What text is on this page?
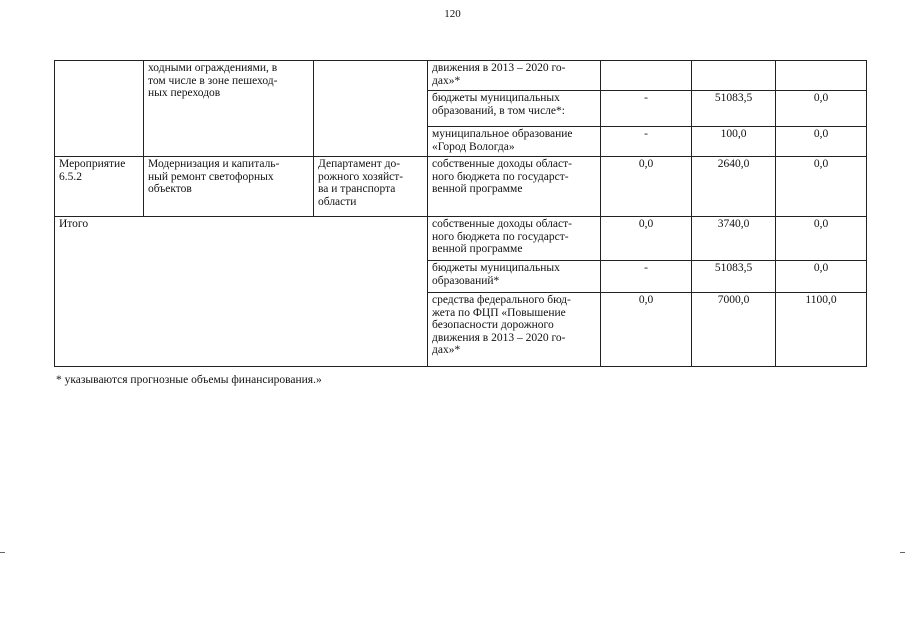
120
	ходными ограждениями, в
том числе в зоне пешеход-
ных переходов		движения в 2013 – 2020 го-
дах»*			
			бюджеты муниципальных
образований, в том числе*:	-	51083,5	0,0
			муниципальное образование
«Город Вологда»	-	100,0	0,0
Мероприятие
6.5.2	Модернизация и капиталь-
ный ремонт светофорных
объектов	Департамент до-
рожного хозяйст-
ва и транспорта
области	собственные доходы област-
ного бюджета по государст-
венной программе	0,0	2640,0	0,0
Итого			собственные доходы област-
ного бюджета по государст-
венной программе	0,0	3740,0	0,0
			бюджеты муниципальных
образований*	-	51083,5	0,0
			средства федерального бюд-
жета по ФЦП «Повышение
безопасности дорожного
движения в 2013 – 2020 го-
дах»*	0,0	7000,0	1100,0
* указываются прогнозные объемы финансирования.»
